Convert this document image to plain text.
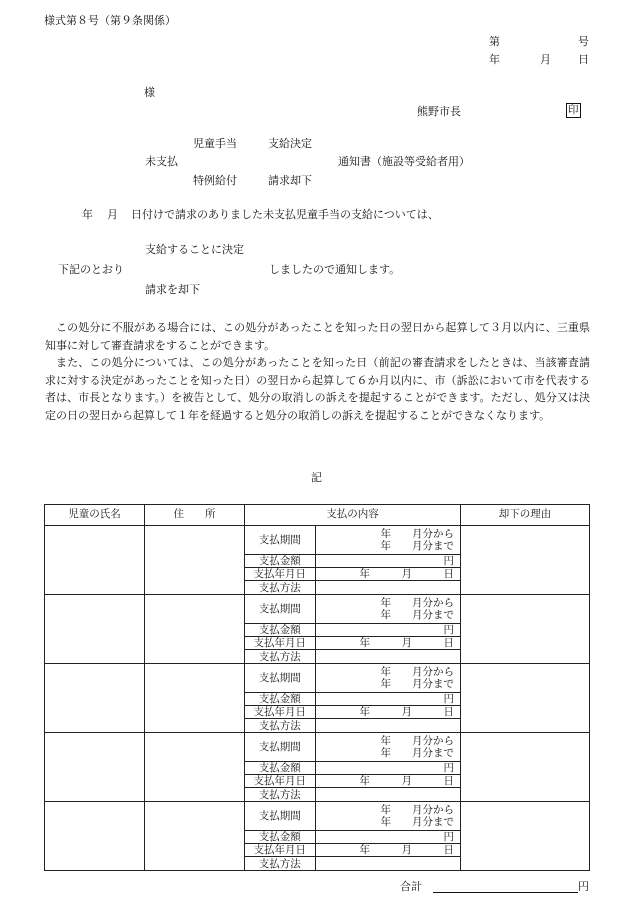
様式第８号（第９条関係）
第	号
年	月 日
様
熊野市長	印
児童手当	支給決定
未支払	通知書（施設等受給者用）
特例給付	請求却下
年 月 日付けで請求のありました未支払児童手当の支給については、
支給することに決定
下記のとおり	しましたので通知します。
請求を却下

この処分に不服がある場合には、この処分があったことを知った日の翌日から起算して３月以内に、三重県知事に対して審査請求をすることができます。

また、この処分については、この処分があったことを知った日（前記の審査請求をしたときは、当該審査請求に対する決定があったことを知った日）の翌日から起算して６か月以内に、市（訴訟において市を代表する者は、市長となります。）を被告として、処分の取消しの訴えを提起することができます。ただし、処分又は決定の日の翌日から起算して１年を経過すると処分の取消しの訴えを提起することができなくなります。

記
児童の氏名	住　　所	支払の内容	却下の理由

支払期間	年　　月分から
年　　月分まで

支払金額	円
支払年月日	年　　　月　　　日
支払方法	

支払期間	年　　月分から
年　　月分まで

支払金額	円
支払年月日	年　　　月　　　日
支払方法	

支払期間	年　　月分から
年　　月分まで

支払金額	円
支払年月日	年　　　月　　　日
支払方法	

支払期間	年　　月分から
年　　月分まで

支払金額	円
支払年月日	年　　　月　　　日
支払方法	

支払期間	年　　月分から
年　　月分まで

支払金額	円
支払年月日	年　　　月　　　日
支払方法	

合計	円
